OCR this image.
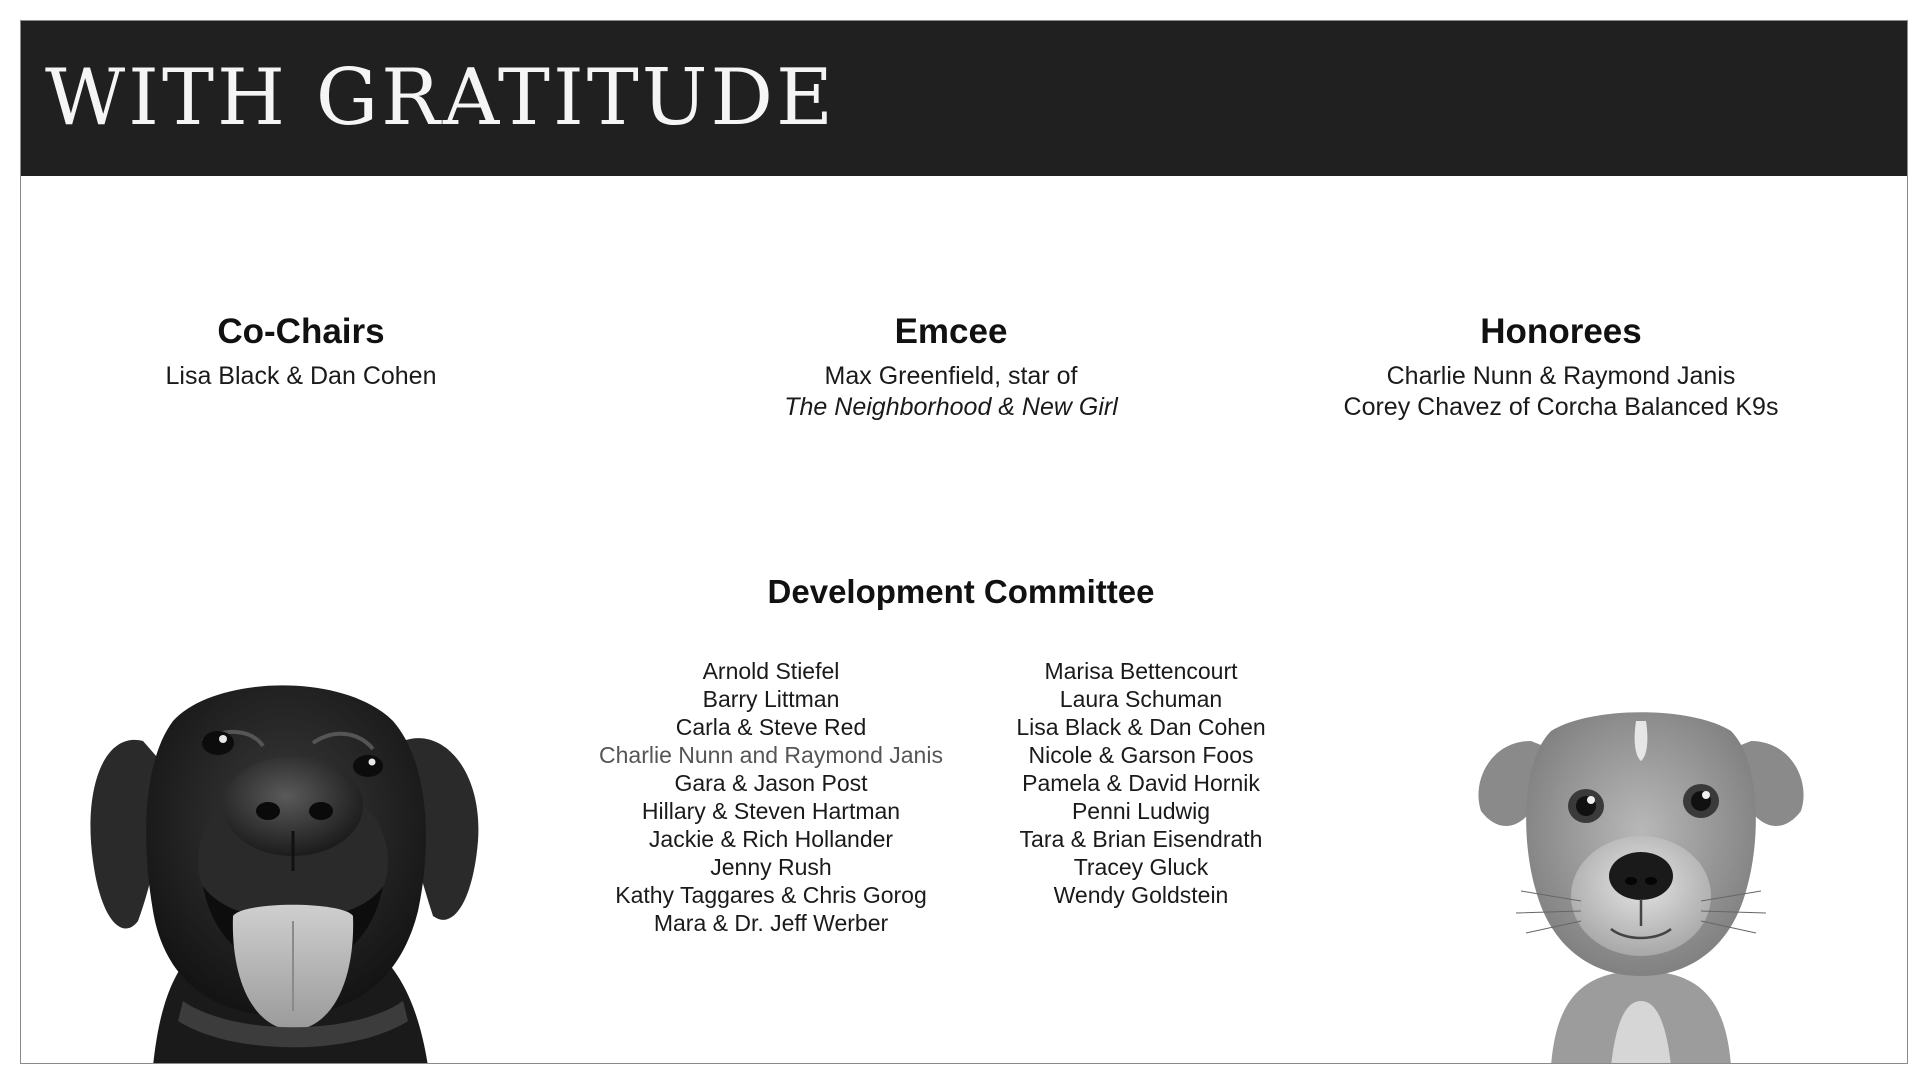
WITH GRATITUDE
Co-Chairs
Lisa Black & Dan Cohen
Emcee
Max Greenfield, star of
The Neighborhood & New Girl
Honorees
Charlie Nunn & Raymond Janis
Corey Chavez of Corcha Balanced K9s
Development Committee
Arnold Stiefel
Barry Littman
Carla & Steve Red
Charlie Nunn and Raymond Janis
Gara & Jason Post
Hillary & Steven Hartman
Jackie & Rich Hollander
Jenny Rush
Kathy Taggares & Chris Gorog
Mara & Dr. Jeff Werber
Marisa Bettencourt
Laura Schuman
Lisa Black & Dan Cohen
Nicole & Garson Foos
Pamela & David Hornik
Penni Ludwig
Tara & Brian Eisendrath
Tracey Gluck
Wendy Goldstein
